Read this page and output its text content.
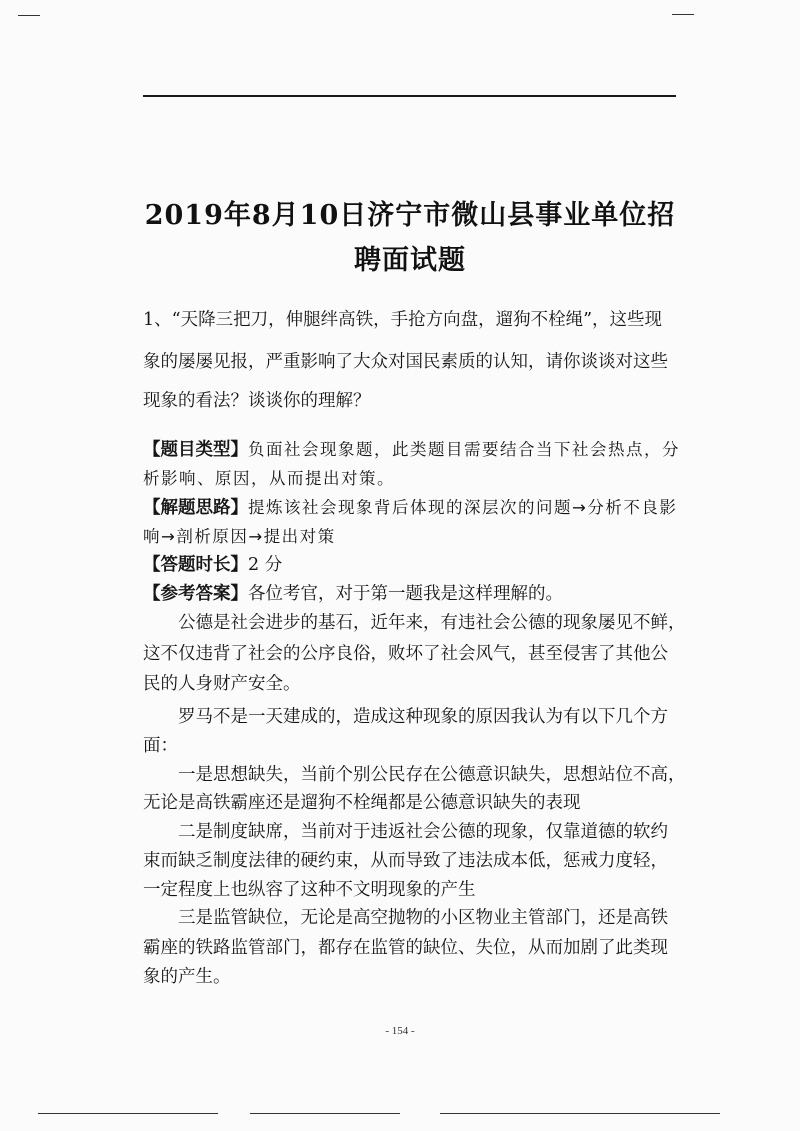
2019年8月10日济宁市微山县事业单位招
聘面试题
1、“天降三把刀，伸腿绊高铁，手抢方向盘，遛狗不栓绳”，这些现
象的屡屡见报，严重影响了大众对国民素质的认知，请你谈谈对这些
现象的看法？谈谈你的理解？
【题目类型】负面社会现象题，此类题目需要结合当下社会热点，分
析影响、原因，从而提出对策。
【解题思路】提炼该社会现象背后体现的深层次的问题→分析不良影
响→剖析原因→提出对策
【答题时长】2 分
【参考答案】各位考官，对于第一题我是这样理解的。
公德是社会进步的基石，近年来，有违社会公德的现象屡见不鲜，
这不仅违背了社会的公序良俗，败坏了社会风气，甚至侵害了其他公
民的人身财产安全。
罗马不是一天建成的，造成这种现象的原因我认为有以下几个方
面：
一是思想缺失，当前个别公民存在公德意识缺失，思想站位不高，
无论是高铁霸座还是遛狗不栓绳都是公德意识缺失的表现
二是制度缺席，当前对于违返社会公德的现象，仅靠道德的软约
束而缺乏制度法律的硬约束，从而导致了违法成本低，惩戒力度轻，
一定程度上也纵容了这种不文明现象的产生
三是监管缺位，无论是高空抛物的小区物业主管部门，还是高铁
霸座的铁路监管部门，都存在监管的缺位、失位，从而加剧了此类现
象的产生。
- 154 -
